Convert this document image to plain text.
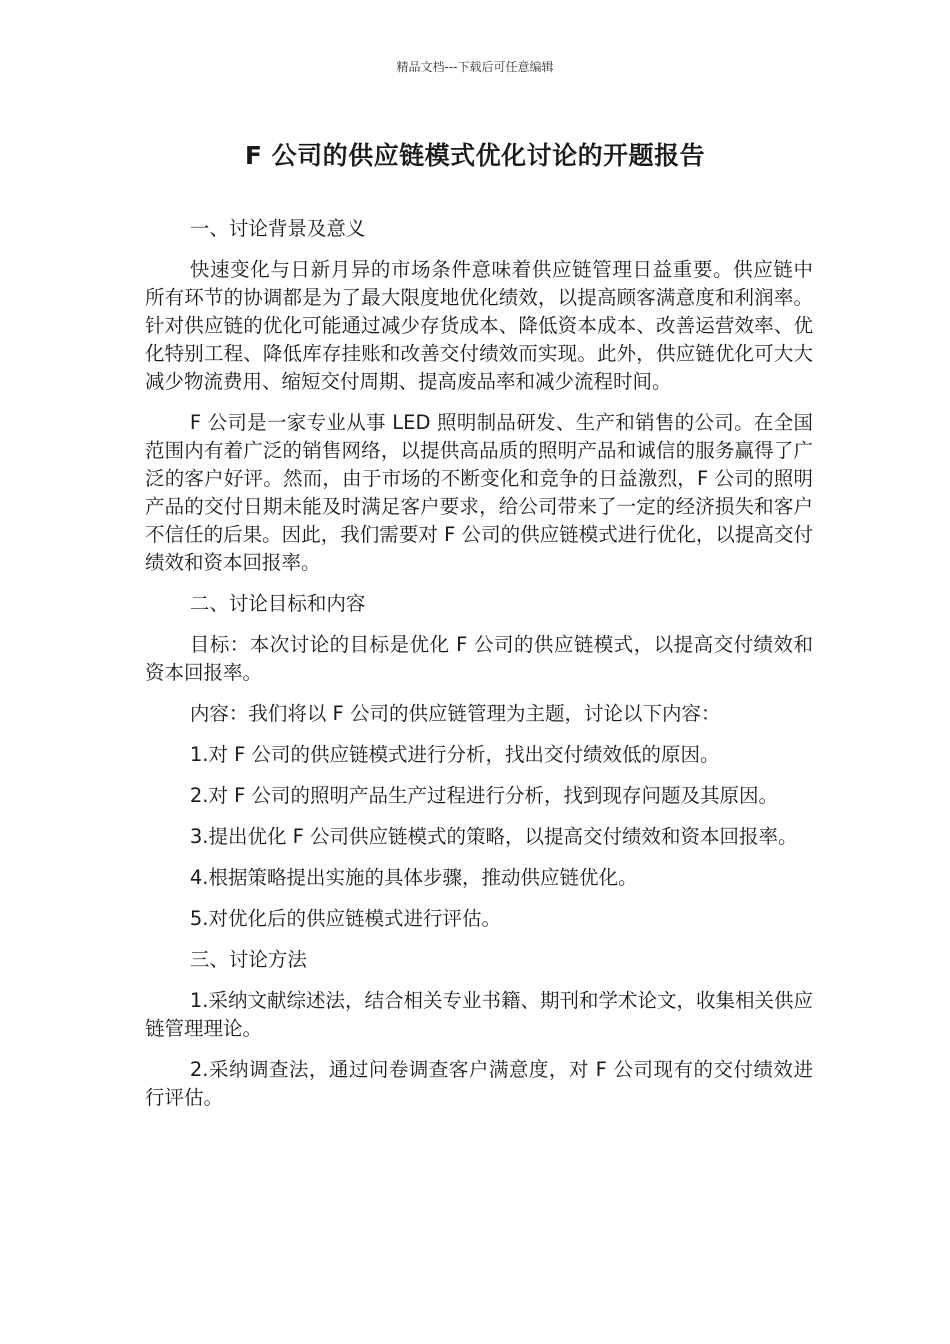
精品文档---下载后可任意编辑
F 公司的供应链模式优化讨论的开题报告

一、讨论背景及意义

快速变化与日新月异的市场条件意味着供应链管理日益重要。供应链中所有环节的协调都是为了最大限度地优化绩效，以提高顾客满意度和利润率。针对供应链的优化可能通过减少存货成本、降低资本成本、改善运营效率、优化特别工程、降低库存挂账和改善交付绩效而实现。此外，供应链优化可大大减少物流费用、缩短交付周期、提高废品率和减少流程时间。

F 公司是一家专业从事 LED 照明制品研发、生产和销售的公司。在全国范围内有着广泛的销售网络，以提供高品质的照明产品和诚信的服务赢得了广泛的客户好评。然而，由于市场的不断变化和竞争的日益激烈，F 公司的照明产品的交付日期未能及时满足客户要求，给公司带来了一定的经济损失和客户不信任的后果。因此，我们需要对 F 公司的供应链模式进行优化，以提高交付绩效和资本回报率。

二、讨论目标和内容

目标：本次讨论的目标是优化 F 公司的供应链模式，以提高交付绩效和资本回报率。

内容：我们将以 F 公司的供应链管理为主题，讨论以下内容：

1.对 F 公司的供应链模式进行分析，找出交付绩效低的原因。

2.对 F 公司的照明产品生产过程进行分析，找到现存问题及其原因。

3.提出优化 F 公司供应链模式的策略，以提高交付绩效和资本回报率。

4.根据策略提出实施的具体步骤，推动供应链优化。

5.对优化后的供应链模式进行评估。

三、讨论方法

1.采纳文献综述法，结合相关专业书籍、期刊和学术论文，收集相关供应链管理理论。

2.采纳调查法，通过问卷调查客户满意度，对 F 公司现有的交付绩效进行评估。
